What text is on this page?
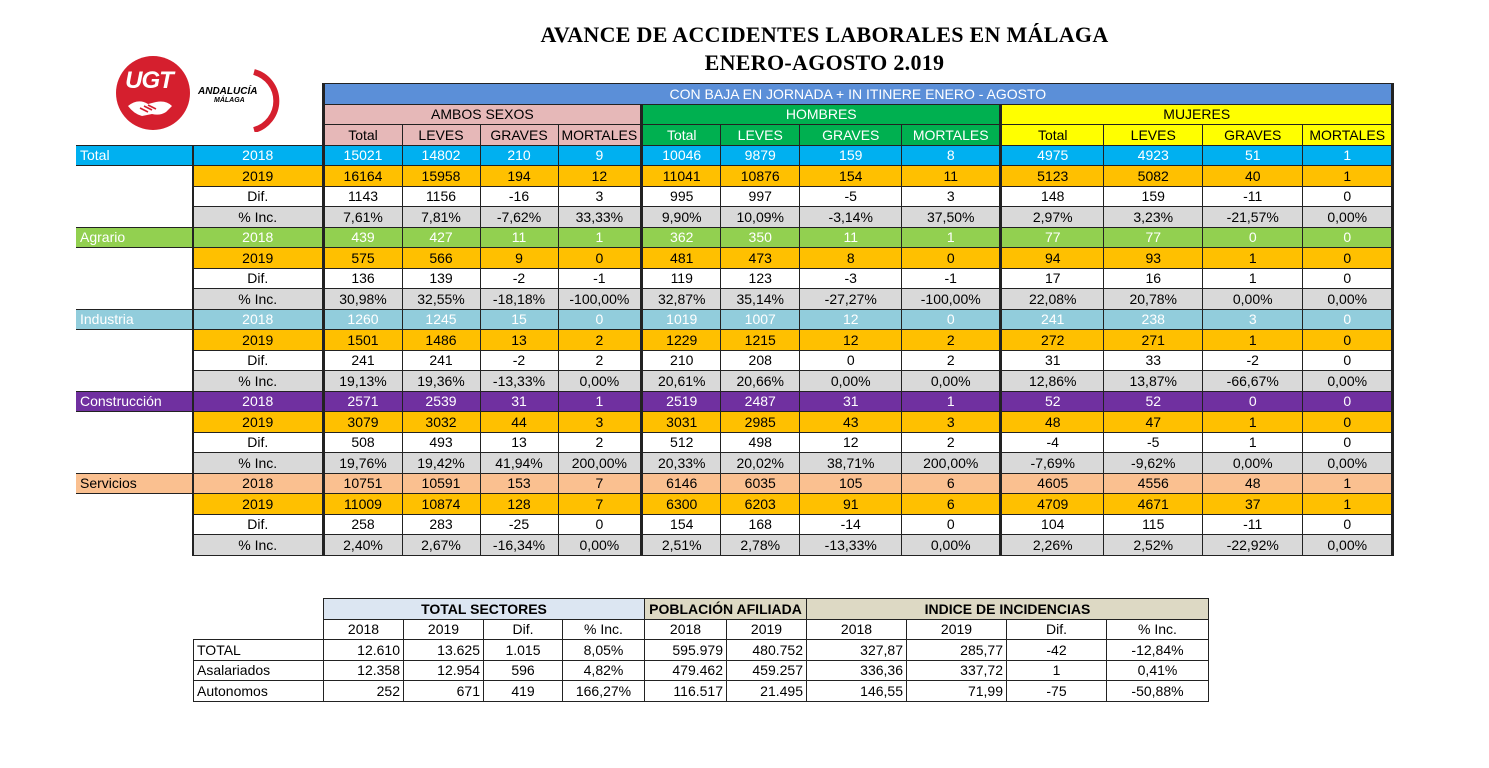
AVANCE DE ACCIDENTES LABORALES EN MÁLAGA
ENERO-AGOSTO 2.019
UGT	ANDALUCÍA
MÁLAGA
		CON BAJA EN JORNADA + IN ITINERE ENERO - AGOSTO											
		AMBOS SEXOS				HOMBRES				MUJERES			
		Total	LEVES	GRAVES	MORTALES	Total	LEVES	GRAVES	MORTALES	Total	LEVES	GRAVES	MORTALES
Total	2018	15021	14802	210	9	10046	9879	159	8	4975	4923	51	1
	2019	16164	15958	194	12	11041	10876	154	11	5123	5082	40	1
	Dif.	1143	1156	-16	3	995	997	-5	3	148	159	-11	0
	% Inc.	7,61%	7,81%	-7,62%	33,33%	9,90%	10,09%	-3,14%	37,50%	2,97%	3,23%	-21,57%	0,00%
Agrario	2018	439	427	11	1	362	350	11	1	77	77	0	0
	2019	575	566	9	0	481	473	8	0	94	93	1	0
	Dif.	136	139	-2	-1	119	123	-3	-1	17	16	1	0
	% Inc.	30,98%	32,55%	-18,18%	-100,00%	32,87%	35,14%	-27,27%	-100,00%	22,08%	20,78%	0,00%	0,00%
Industria	2018	1260	1245	15	0	1019	1007	12	0	241	238	3	0
	2019	1501	1486	13	2	1229	1215	12	2	272	271	1	0
	Dif.	241	241	-2	2	210	208	0	2	31	33	-2	0
	% Inc.	19,13%	19,36%	-13,33%	0,00%	20,61%	20,66%	0,00%	0,00%	12,86%	13,87%	-66,67%	0,00%
Construcción	2018	2571	2539	31	1	2519	2487	31	1	52	52	0	0
	2019	3079	3032	44	3	3031	2985	43	3	48	47	1	0
	Dif.	508	493	13	2	512	498	12	2	-4	-5	1	0
	% Inc.	19,76%	19,42%	41,94%	200,00%	20,33%	20,02%	38,71%	200,00%	-7,69%	-9,62%	0,00%	0,00%
Servicios	2018	10751	10591	153	7	6146	6035	105	6	4605	4556	48	1
	2019	11009	10874	128	7	6300	6203	91	6	4709	4671	37	1
	Dif.	258	283	-25	0	154	168	-14	0	104	115	-11	0
	% Inc.	2,40%	2,67%	-16,34%	0,00%	2,51%	2,78%	-13,33%	0,00%	2,26%	2,52%	-22,92%	0,00%
	TOTAL SECTORES				POBLACIÓN AFILIADA		INDICE DE INCIDENCIAS			
	2018	2019	Dif.	% Inc.	2018	2019	2018	2019	Dif.	% Inc.
TOTAL	12.610	13.625	1.015	8,05%	595.979	480.752	327,87	285,77	-42	-12,84%
Asalariados	12.358	12.954	596	4,82%	479.462	459.257	336,36	337,72	1	0,41%
Autonomos	252	671	419	166,27%	116.517	21.495	146,55	71,99	-75	-50,88%
